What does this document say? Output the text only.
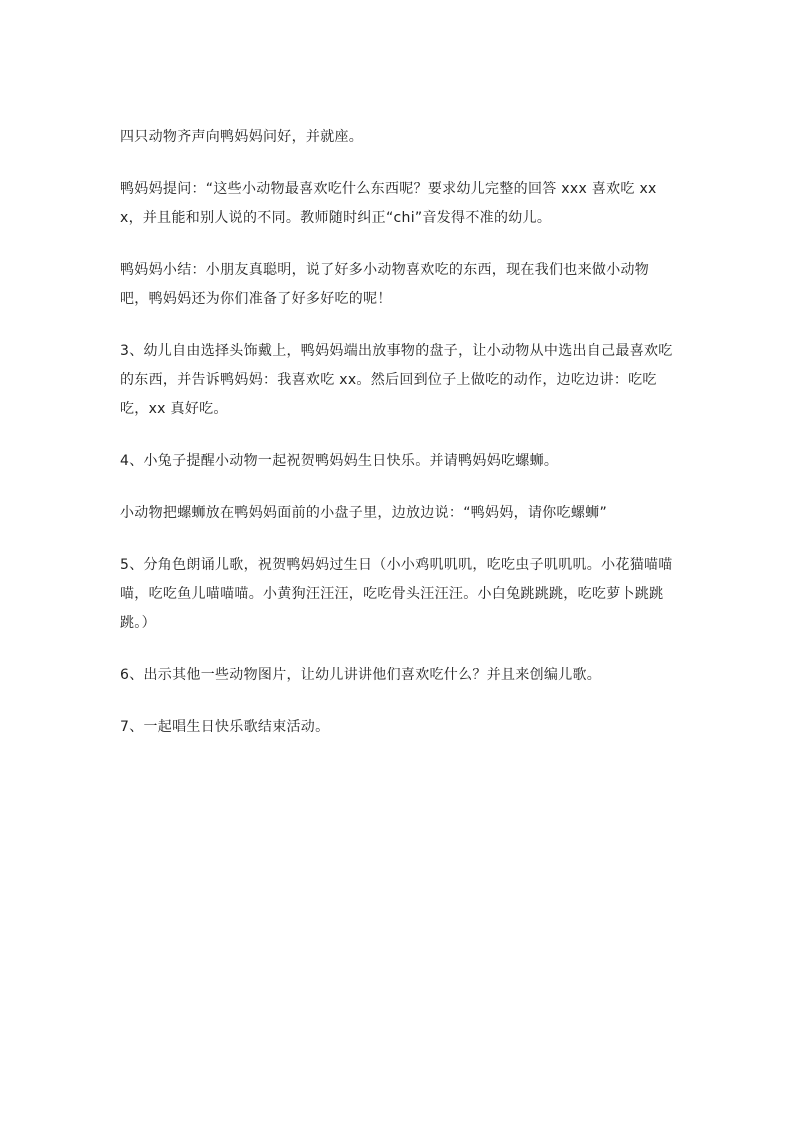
四只动物齐声向鸭妈妈问好，并就座。

鸭妈妈提问：“这些小动物最喜欢吃什么东西呢？要求幼儿完整的回答 xxx 喜欢吃 xxx，并且能和别人说的不同。教师随时纠正“chi”音发得不准的幼儿。

鸭妈妈小结：小朋友真聪明，说了好多小动物喜欢吃的东西，现在我们也来做小动物吧，鸭妈妈还为你们准备了好多好吃的呢！

3、幼儿自由选择头饰戴上，鸭妈妈端出放事物的盘子，让小动物从中选出自己最喜欢吃的东西，并告诉鸭妈妈：我喜欢吃 xx。然后回到位子上做吃的动作，边吃边讲：吃吃吃，xx 真好吃。

4、小兔子提醒小动物一起祝贺鸭妈妈生日快乐。并请鸭妈妈吃螺蛳。

小动物把螺蛳放在鸭妈妈面前的小盘子里，边放边说：“鸭妈妈，请你吃螺蛳”

5、分角色朗诵儿歌，祝贺鸭妈妈过生日（小小鸡叽叽叽，吃吃虫子叽叽叽。小花猫喵喵喵，吃吃鱼儿喵喵喵。小黄狗汪汪汪，吃吃骨头汪汪汪。小白兔跳跳跳，吃吃萝卜跳跳跳。）

6、出示其他一些动物图片，让幼儿讲讲他们喜欢吃什么？并且来创编儿歌。

7、一起唱生日快乐歌结束活动。
